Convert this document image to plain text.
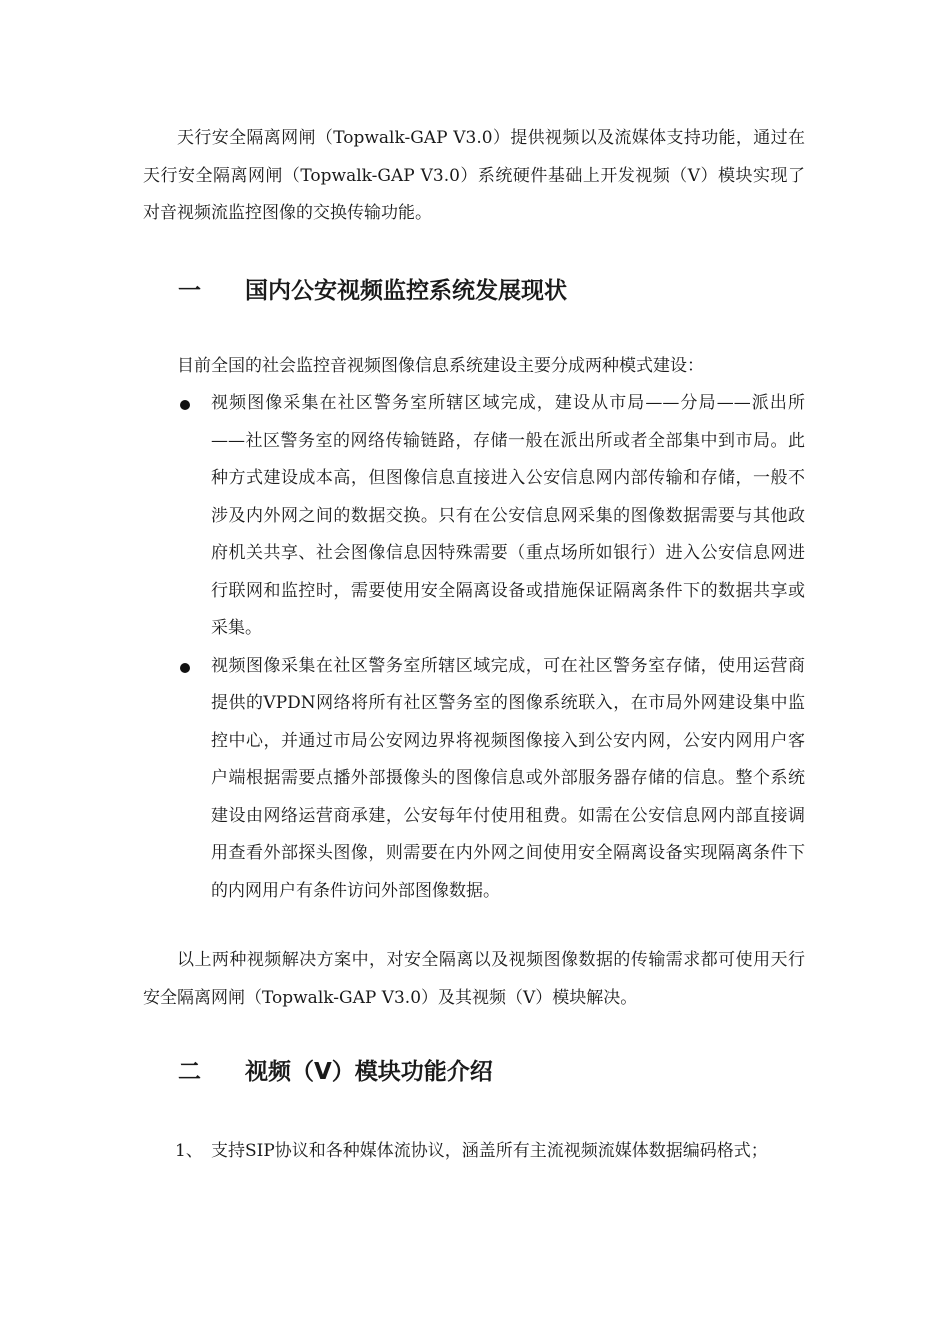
天行安全隔离网闸（Topwalk-GAP V3.0）提供视频以及流媒体支持功能，通过在天行安全隔离网闸（Topwalk-GAP V3.0）系统硬件基础上开发视频（V）模块实现了对音视频流监控图像的交换传输功能。

一 国内公安视频监控系统发展现状

目前全国的社会监控音视频图像信息系统建设主要分成两种模式建设：

视频图像采集在社区警务室所辖区域完成，建设从市局——分局——派出所——社区警务室的网络传输链路，存储一般在派出所或者全部集中到市局。此种方式建设成本高，但图像信息直接进入公安信息网内部传输和存储，一般不涉及内外网之间的数据交换。只有在公安信息网采集的图像数据需要与其他政府机关共享、社会图像信息因特殊需要（重点场所如银行）进入公安信息网进行联网和监控时，需要使用安全隔离设备或措施保证隔离条件下的数据共享或采集。
视频图像采集在社区警务室所辖区域完成，可在社区警务室存储，使用运营商提供的VPDN网络将所有社区警务室的图像系统联入，在市局外网建设集中监控中心，并通过市局公安网边界将视频图像接入到公安内网，公安内网用户客户端根据需要点播外部摄像头的图像信息或外部服务器存储的信息。整个系统建设由网络运营商承建，公安每年付使用租费。如需在公安信息网内部直接调用查看外部探头图像，则需要在内外网之间使用安全隔离设备实现隔离条件下的内网用户有条件访问外部图像数据。

以上两种视频解决方案中，对安全隔离以及视频图像数据的传输需求都可使用天行安全隔离网闸（Topwalk-GAP V3.0）及其视频（V）模块解决。

二 视频（V）模块功能介绍

1、 支持SIP协议和各种媒体流协议，涵盖所有主流视频流媒体数据编码格式；
